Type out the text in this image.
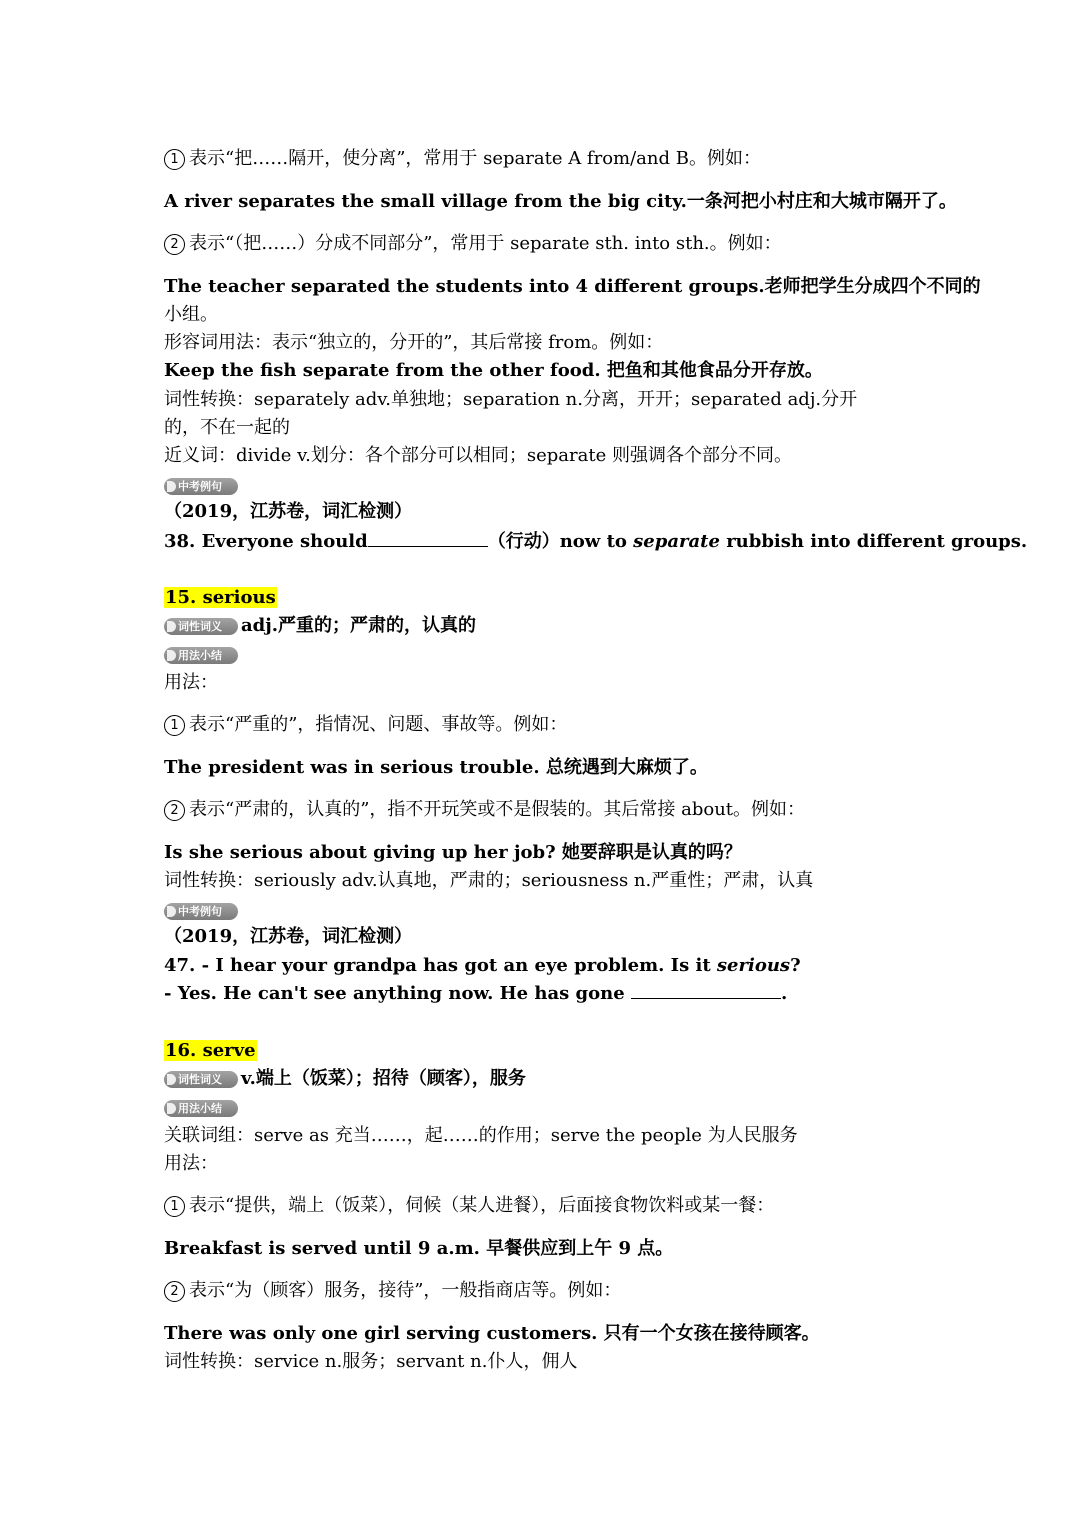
1 表示“把……隔开，使分离”，常用于 separate A from/and B。例如：
A river separates the small village from the big city.一条河把小村庄和大城市隔开了。
2 表示“（把……）分成不同部分”，常用于 separate sth. into sth.。例如：
The teacher separated the students into 4 different groups.老师把学生分成四个不同的
小组。
形容词用法：表示“独立的，分开的”，其后常接 from。例如：
Keep the fish separate from the other food. 把鱼和其他食品分开存放。
词性转换：separately adv.单独地；separation n.分离，开开；separated adj.分开
的，不在一起的
近义词：divide v.划分：各个部分可以相同；separate 则强调各个部分不同。
中考例句
（2019，江苏卷，词汇检测）
38. Everyone should	（行动）now to separate rubbish into different groups.
15. serious
词性词义 adj.严重的；严肃的，认真的
用法小结
用法：
1 表示“严重的”，指情况、问题、事故等。例如：
The president was in serious trouble. 总统遇到大麻烦了。
2 表示“严肃的，认真的”，指不开玩笑或不是假装的。其后常接 about。例如：
Is she serious about giving up her job? 她要辞职是认真的吗？
词性转换：seriously adv.认真地，严肃的；seriousness n.严重性；严肃，认真
中考例句
（2019，江苏卷，词汇检测）
47. - I hear your grandpa has got an eye problem. Is it serious?
- Yes. He can't see anything now. He has gone	.
16. serve
词性词义 v.端上（饭菜）；招待（顾客），服务
用法小结
关联词组：serve as 充当……，起……的作用；serve the people 为人民服务
用法：
1 表示“提供，端上（饭菜），伺候（某人进餐），后面接食物饮料或某一餐：
Breakfast is served until 9 a.m. 早餐供应到上午 9 点。
2 表示“为（顾客）服务，接待”，一般指商店等。例如：
There was only one girl serving customers. 只有一个女孩在接待顾客。
词性转换：service n.服务；servant n.仆人，佣人
